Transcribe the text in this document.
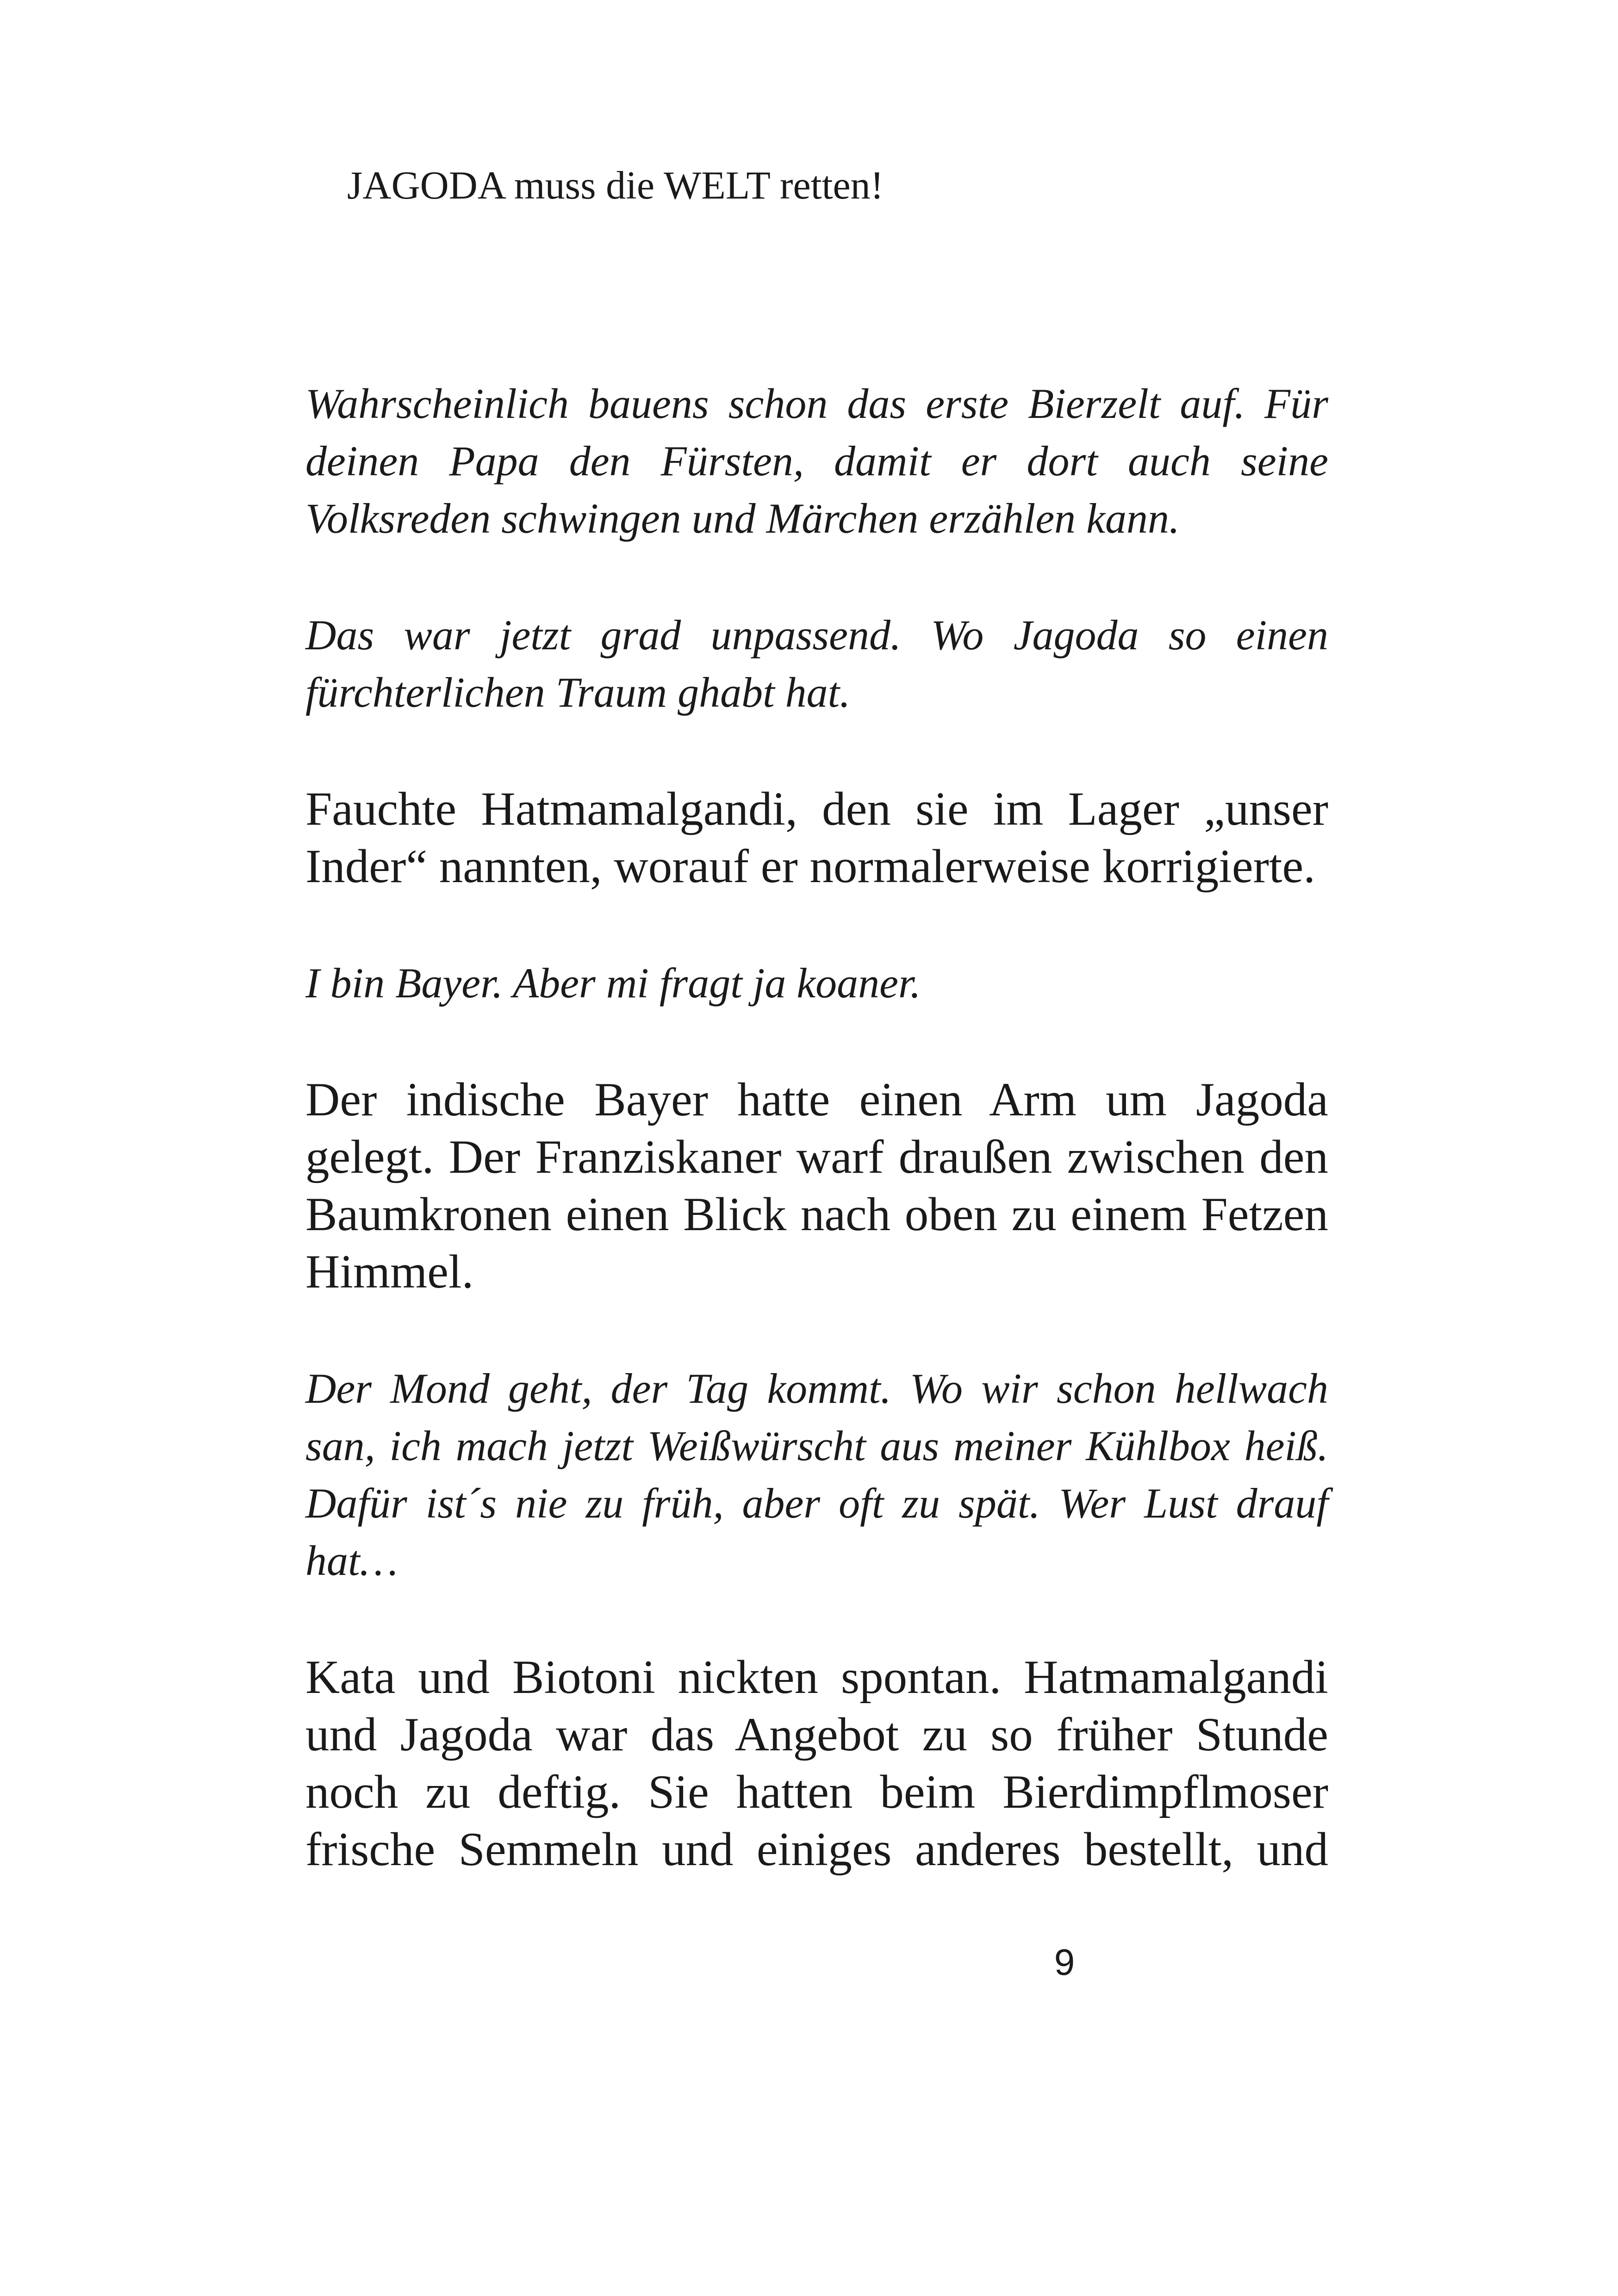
JAGODA muss die WELT retten!

Wahrscheinlich bauens schon das erste Bierzelt auf. Für deinen Papa den Fürsten, damit er dort auch seine Volksreden schwingen und Märchen erzählen kann.

Das war jetzt grad unpassend. Wo Jagoda so einen fürchterlichen Traum ghabt hat.

Fauchte Hatmamalgandi, den sie im Lager „unser Inder“ nannten, worauf er normalerweise korrigierte.

I bin Bayer. Aber mi fragt ja koaner.

Der indische Bayer hatte einen Arm um Jagoda gelegt. Der Franziskaner warf draußen zwischen den Baumkronen einen Blick nach oben zu einem Fetzen Himmel.

Der Mond geht, der Tag kommt. Wo wir schon hellwach san, ich mach jetzt Weißwürscht aus meiner Kühlbox heiß. Dafür ist´s nie zu früh, aber oft zu spät. Wer Lust drauf hat…

Kata und Biotoni nickten spontan. Hatmamalgandi und Jagoda war das Angebot zu so früher Stunde noch zu deftig. Sie hatten beim Bierdimpflmoser frische Semmeln und einiges anderes bestellt, und

9
